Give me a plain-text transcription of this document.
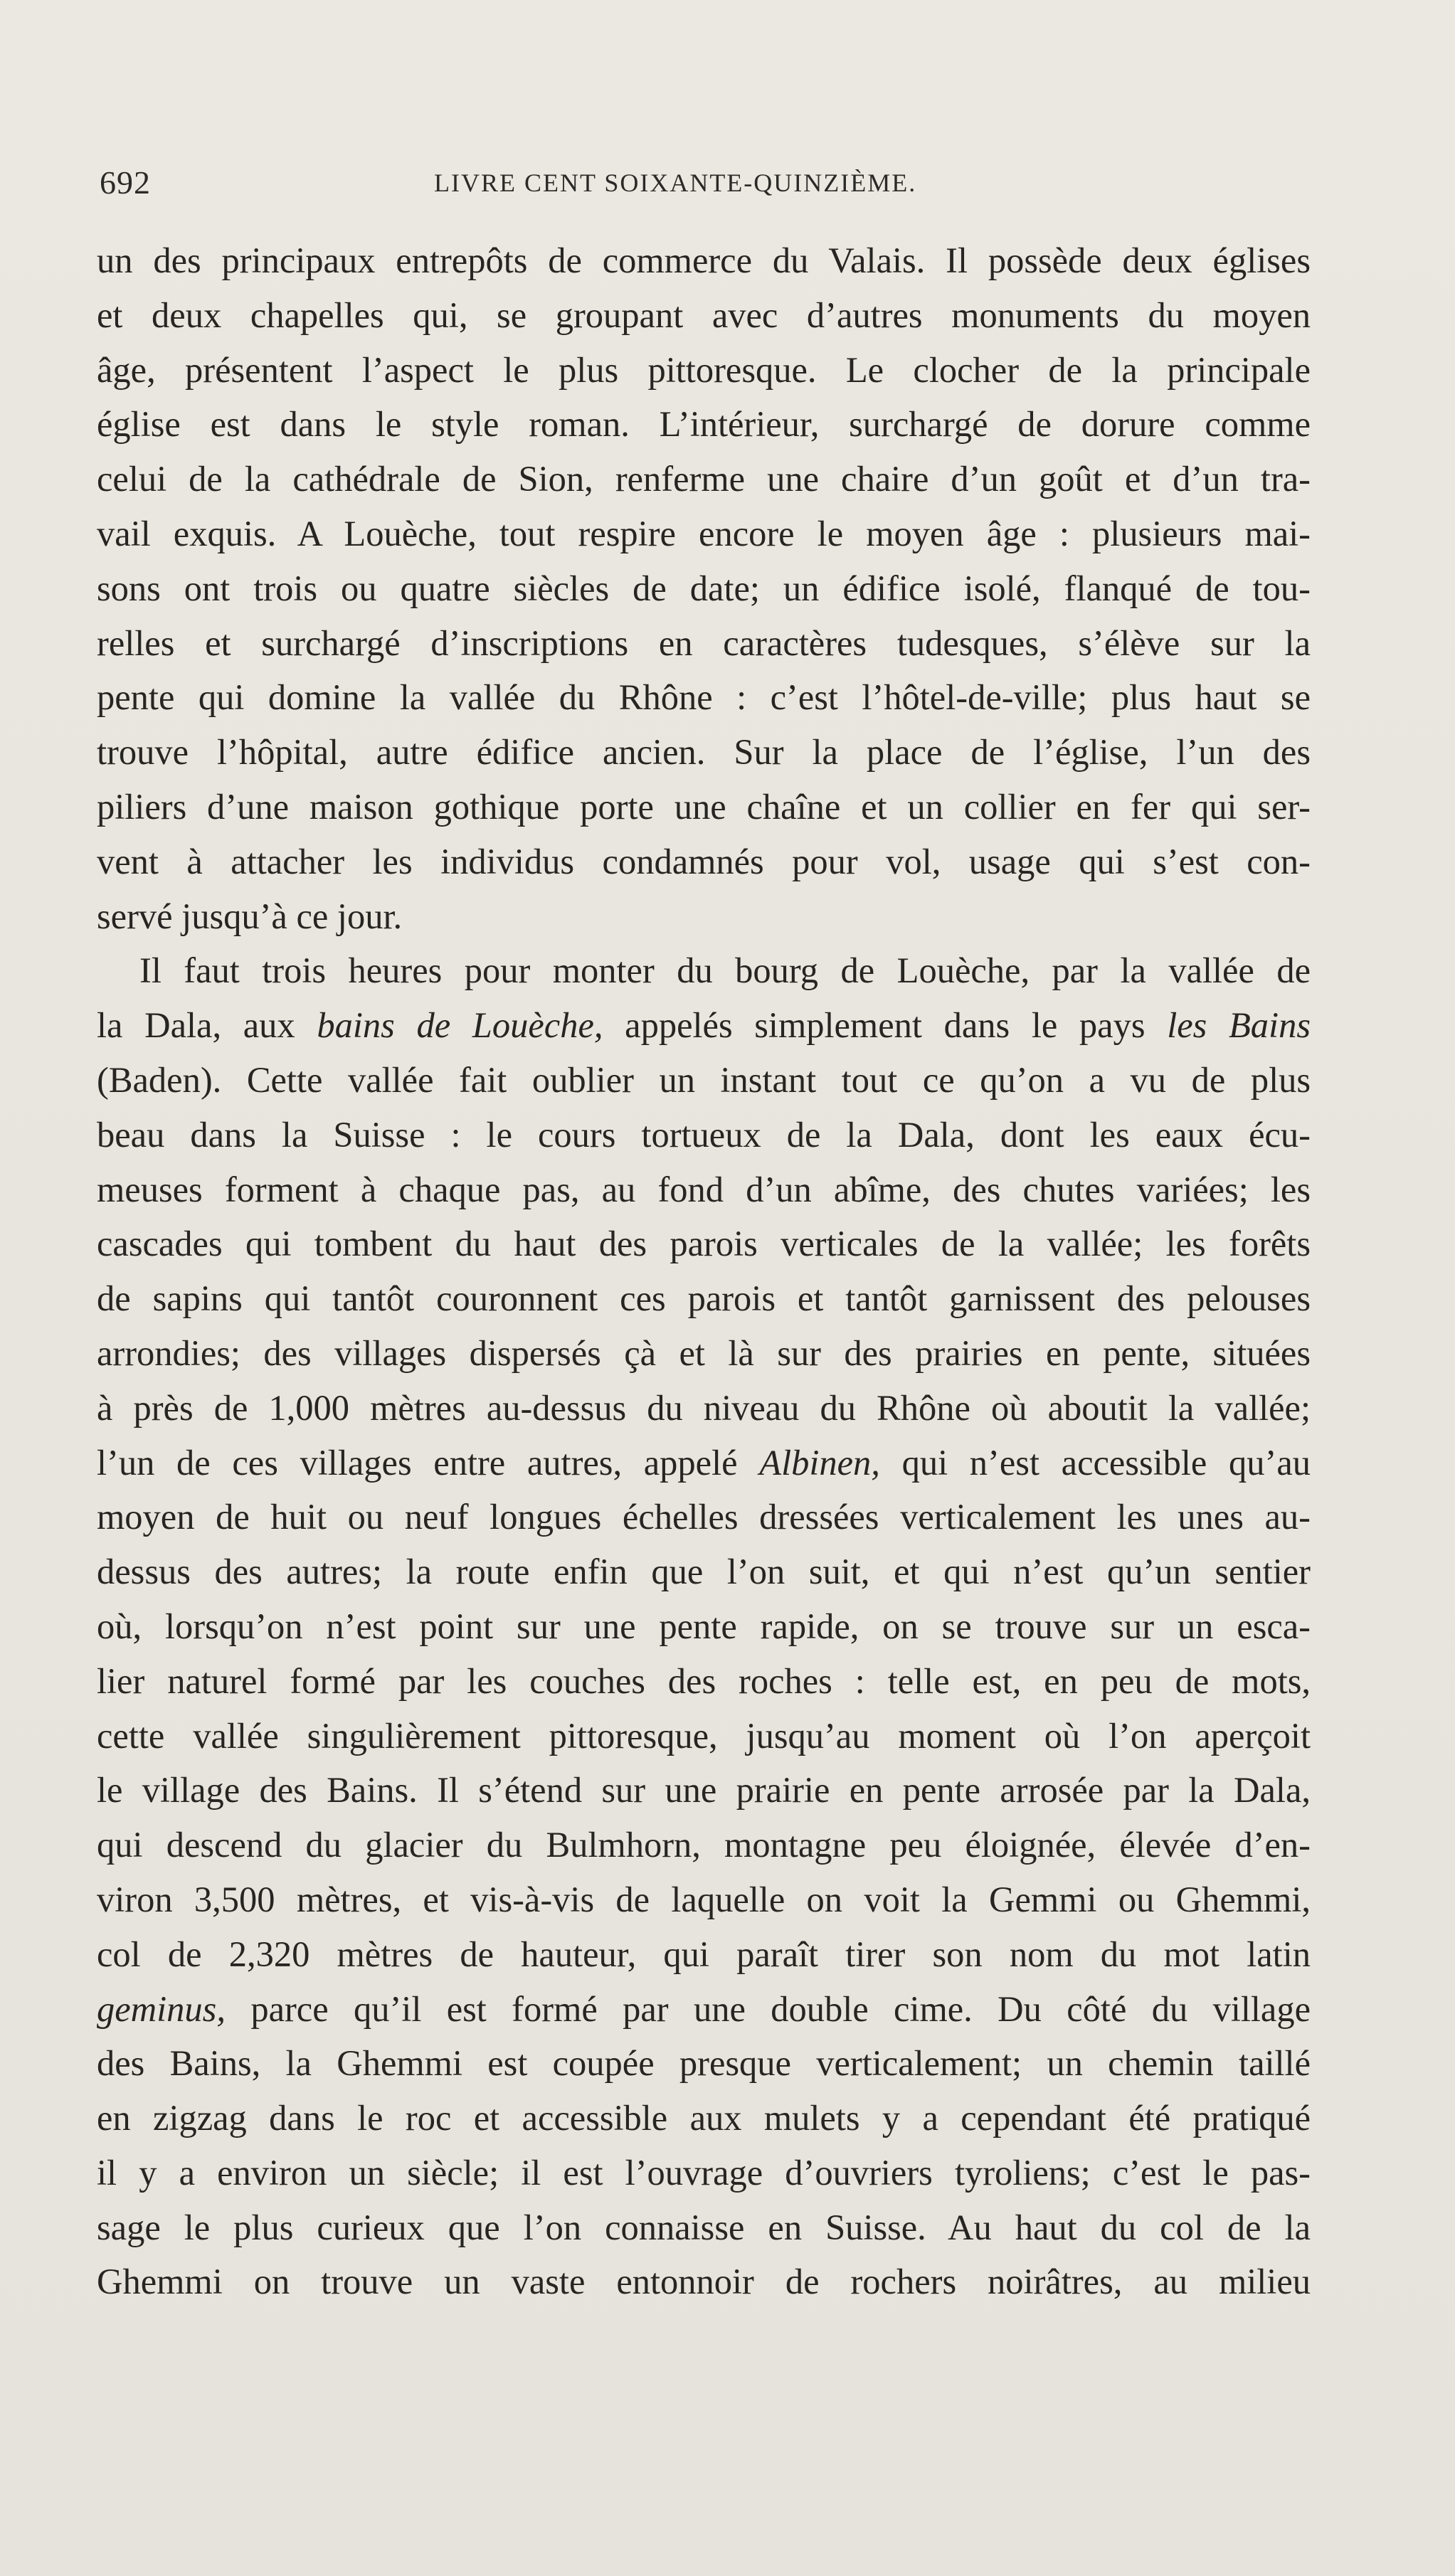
692	LIVRE CENT SOIXANTE-QUINZIÈME.
un des principaux entrepôts de commerce du Valais. Il possède deux églises
et deux chapelles qui, se groupant avec d’autres monuments du moyen
âge, présentent l’aspect le plus pittoresque. Le clocher de la principale
église est dans le style roman. L’intérieur, surchargé de dorure comme
celui de la cathédrale de Sion, renferme une chaire d’un goût et d’un tra-
vail exquis. A Louèche, tout respire encore le moyen âge : plusieurs mai-
sons ont trois ou quatre siècles de date; un édifice isolé, flanqué de tou-
relles et surchargé d’inscriptions en caractères tudesques, s’élève sur la
pente qui domine la vallée du Rhône : c’est l’hôtel-de-ville; plus haut se
trouve l’hôpital, autre édifice ancien. Sur la place de l’église, l’un des
piliers d’une maison gothique porte une chaîne et un collier en fer qui ser-
vent à attacher les individus condamnés pour vol, usage qui s’est con-
servé jusqu’à ce jour.
Il faut trois heures pour monter du bourg de Louèche, par la vallée de
la Dala, aux bains de Louèche, appelés simplement dans le pays les Bains
(Baden). Cette vallée fait oublier un instant tout ce qu’on a vu de plus
beau dans la Suisse : le cours tortueux de la Dala, dont les eaux écu-
meuses forment à chaque pas, au fond d’un abîme, des chutes variées; les
cascades qui tombent du haut des parois verticales de la vallée; les forêts
de sapins qui tantôt couronnent ces parois et tantôt garnissent des pelouses
arrondies; des villages dispersés çà et là sur des prairies en pente, situées
à près de 1,000 mètres au-dessus du niveau du Rhône où aboutit la vallée;
l’un de ces villages entre autres, appelé Albinen, qui n’est accessible qu’au
moyen de huit ou neuf longues échelles dressées verticalement les unes au-
dessus des autres; la route enfin que l’on suit, et qui n’est qu’un sentier
où, lorsqu’on n’est point sur une pente rapide, on se trouve sur un esca-
lier naturel formé par les couches des roches : telle est, en peu de mots,
cette vallée singulièrement pittoresque, jusqu’au moment où l’on aperçoit
le village des Bains. Il s’étend sur une prairie en pente arrosée par la Dala,
qui descend du glacier du Bulmhorn, montagne peu éloignée, élevée d’en-
viron 3,500 mètres, et vis-à-vis de laquelle on voit la Gemmi ou Ghemmi,
col de 2,320 mètres de hauteur, qui paraît tirer son nom du mot latin
geminus, parce qu’il est formé par une double cime. Du côté du village
des Bains, la Ghemmi est coupée presque verticalement; un chemin taillé
en zigzag dans le roc et accessible aux mulets y a cependant été pratiqué
il y a environ un siècle; il est l’ouvrage d’ouvriers tyroliens; c’est le pas-
sage le plus curieux que l’on connaisse en Suisse. Au haut du col de la
Ghemmi on trouve un vaste entonnoir de rochers noirâtres, au milieu
